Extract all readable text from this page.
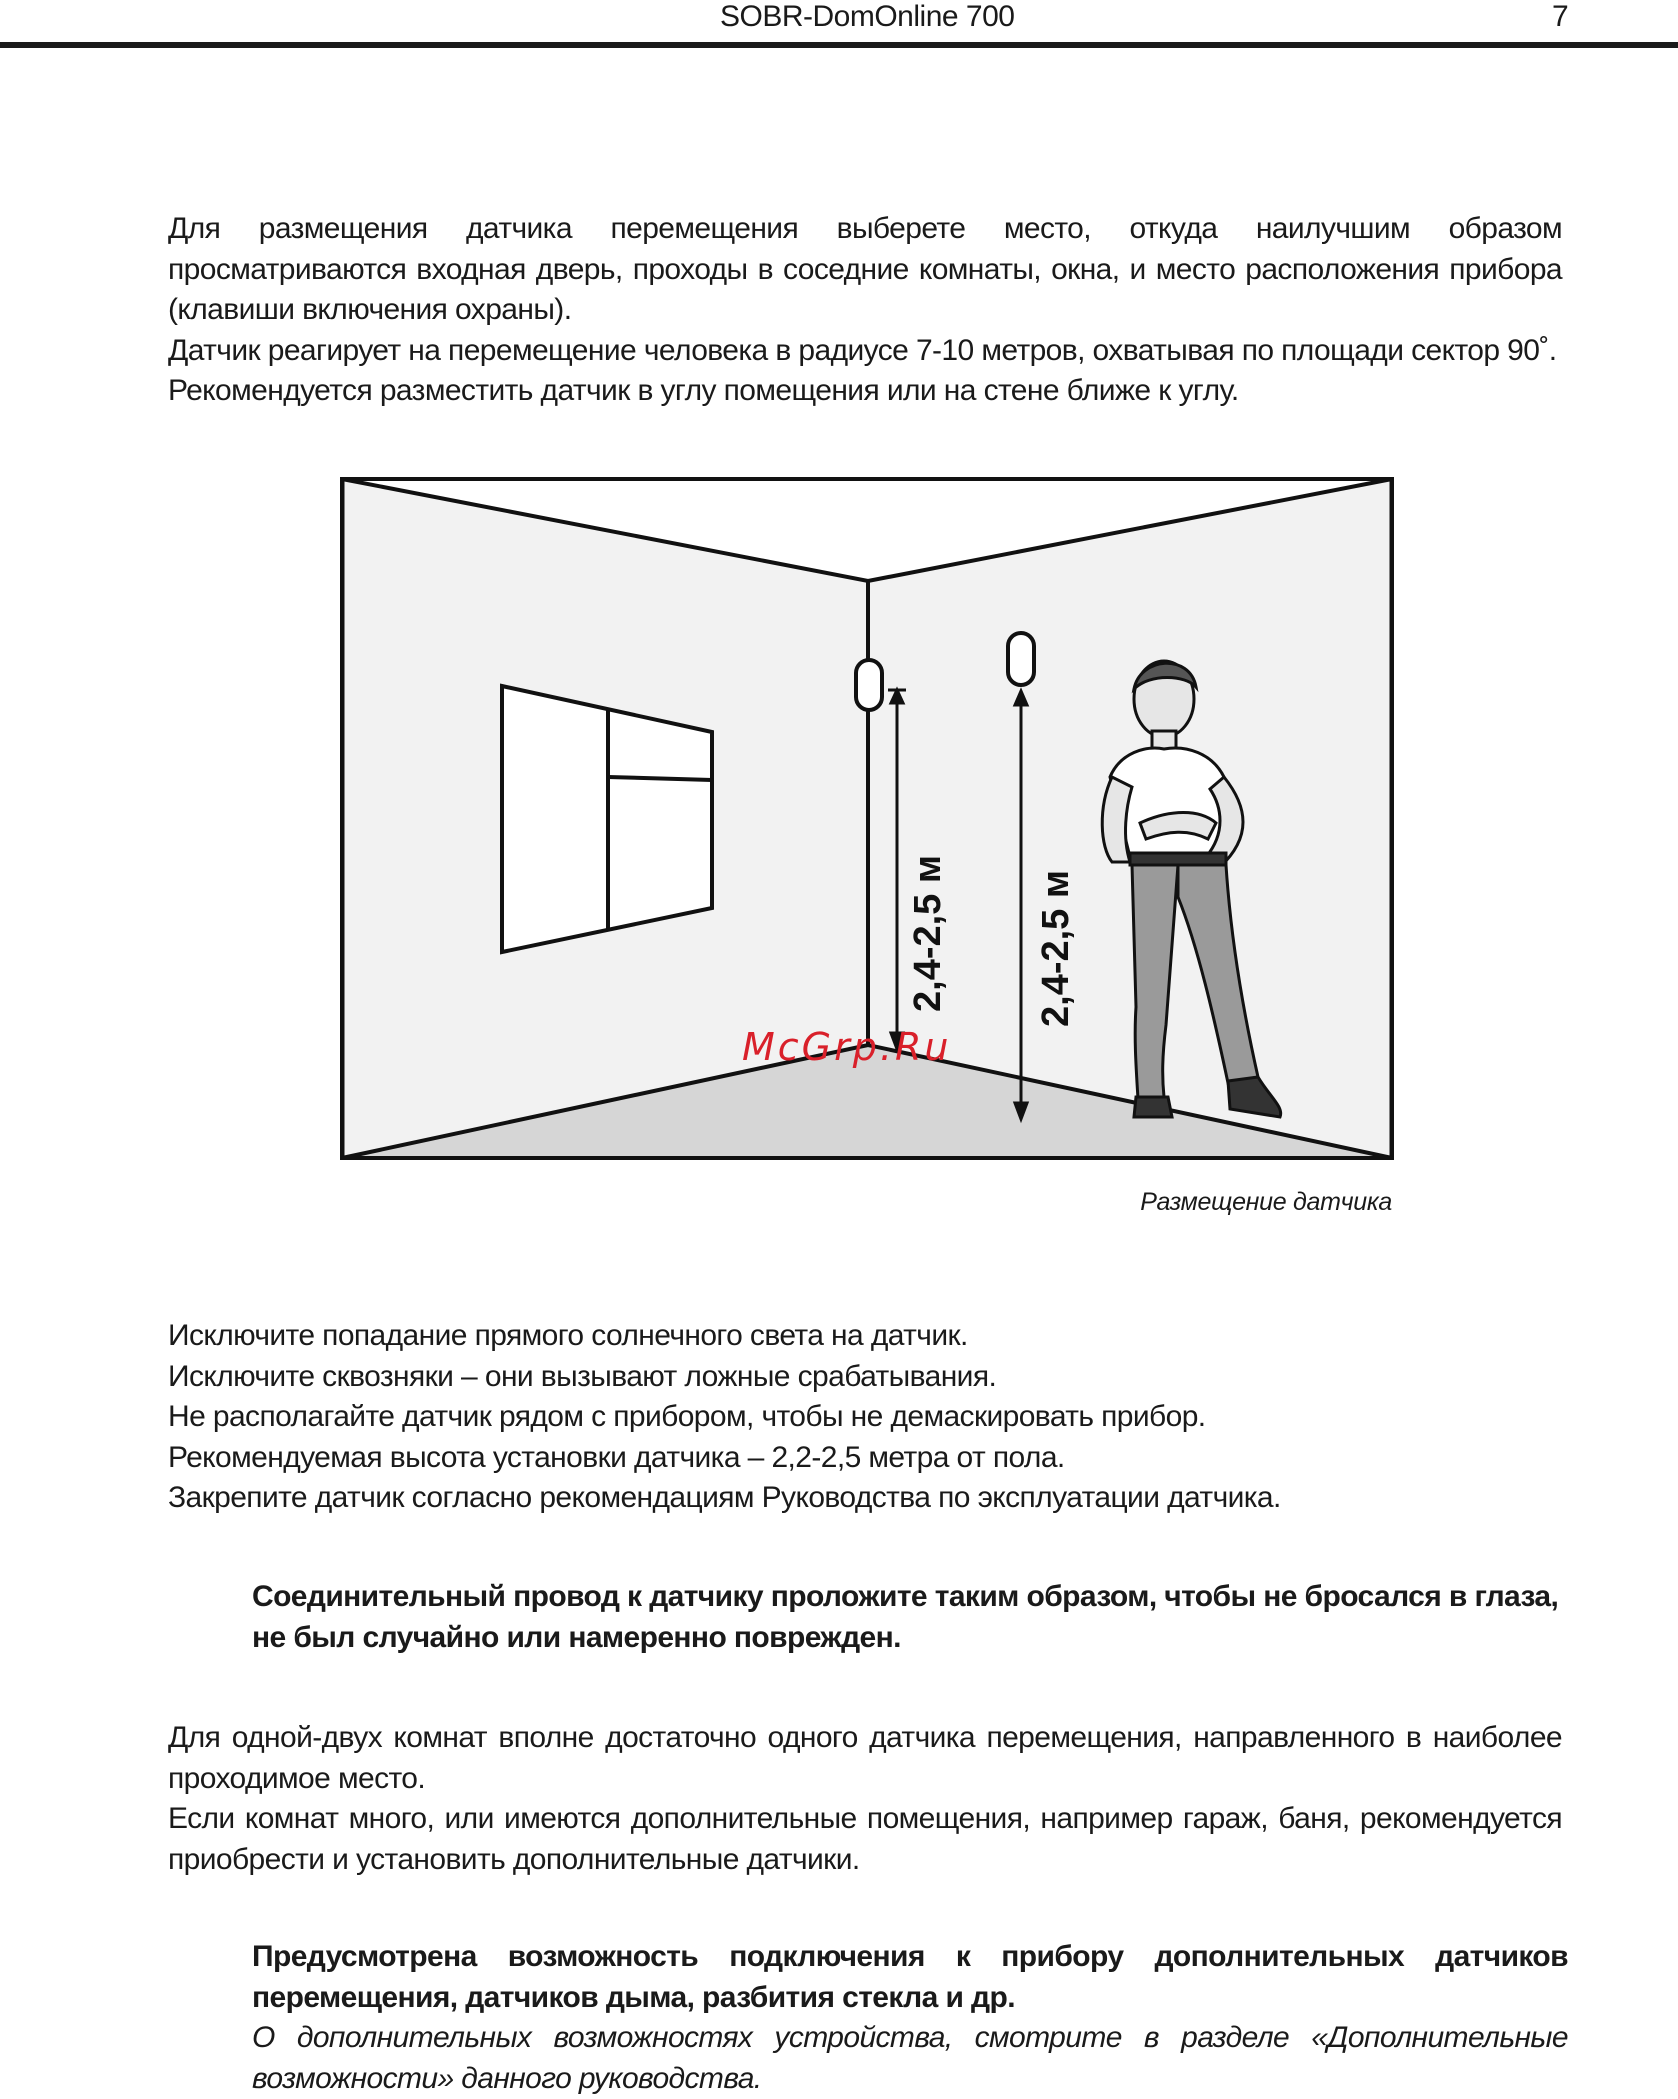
SOBR-DomOnline 700	7

Для размещения датчика перемещения выберете место, откуда наилучшим образом

просматриваются входная дверь, проходы в соседние комнаты, окна, и место расположения прибора

(клавиши включения охраны).

Датчик реагирует на перемещение человека в радиусе 7-10 метров, охватывая по площади сектор 90˚.

Рекомендуется разместить датчик в углу помещения или на стене ближе к углу.

2,4-2,5 м 2,4-2,5 м
McGrp.Ru
Размещение датчика

Исключите попадание прямого солнечного света на датчик.

Исключите сквозняки – они вызывают ложные срабатывания.

Не располагайте датчик рядом с прибором, чтобы не демаскировать прибор.

Рекомендуемая высота установки датчика – 2,2-2,5 метра от пола.

Закрепите датчик согласно рекомендациям Руководства по эксплуатации датчика.

Соединительный провод к датчику проложите таким образом, чтобы не бросался в глаза,

не был случайно или намеренно поврежден.

Для одной-двух комнат вполне достаточно одного датчика перемещения, направленного в наиболее

проходимое место.

Если комнат много, или имеются дополнительные помещения, например гараж, баня, рекомендуется

приобрести и установить дополнительные датчики.

Предусмотрена возможность подключения к прибору дополнительных датчиков

перемещения, датчиков дыма, разбития стекла и др.

О дополнительных возможностях устройства, смотрите в разделе «Дополнительные

возможности» данного руководства.
